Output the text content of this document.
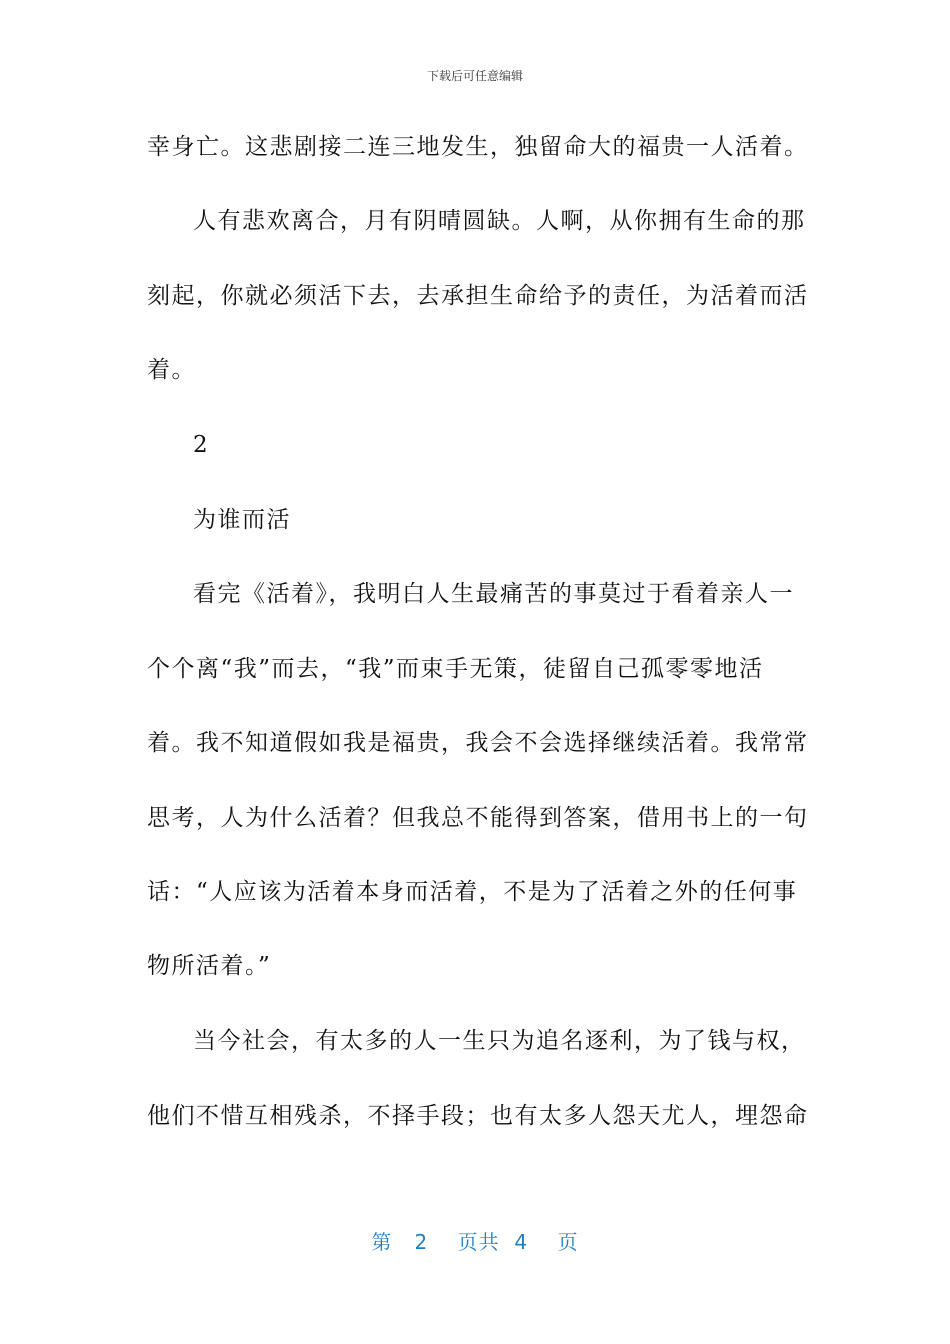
下载后可任意编辑
幸身亡。这悲剧接二连三地发生，独留命大的福贵一人活着。
人有悲欢离合，月有阴晴圆缺。人啊，从你拥有生命的那
刻起，你就必须活下去，去承担生命给予的责任，为活着而活
着。
2
为谁而活
看完《活着》，我明白人生最痛苦的事莫过于看着亲人一
个个离“我”而去，“我”而束手无策，徒留自己孤零零地活
着。我不知道假如我是福贵，我会不会选择继续活着。我常常
思考，人为什么活着？但我总不能得到答案，借用书上的一句
话：“人应该为活着本身而活着，不是为了活着之外的任何事
物所活着。”
当今社会，有太多的人一生只为追名逐利，为了钱与权，
他们不惜互相残杀，不择手段；也有太多人怨天尤人，埋怨命
第 2 页共 4 页
